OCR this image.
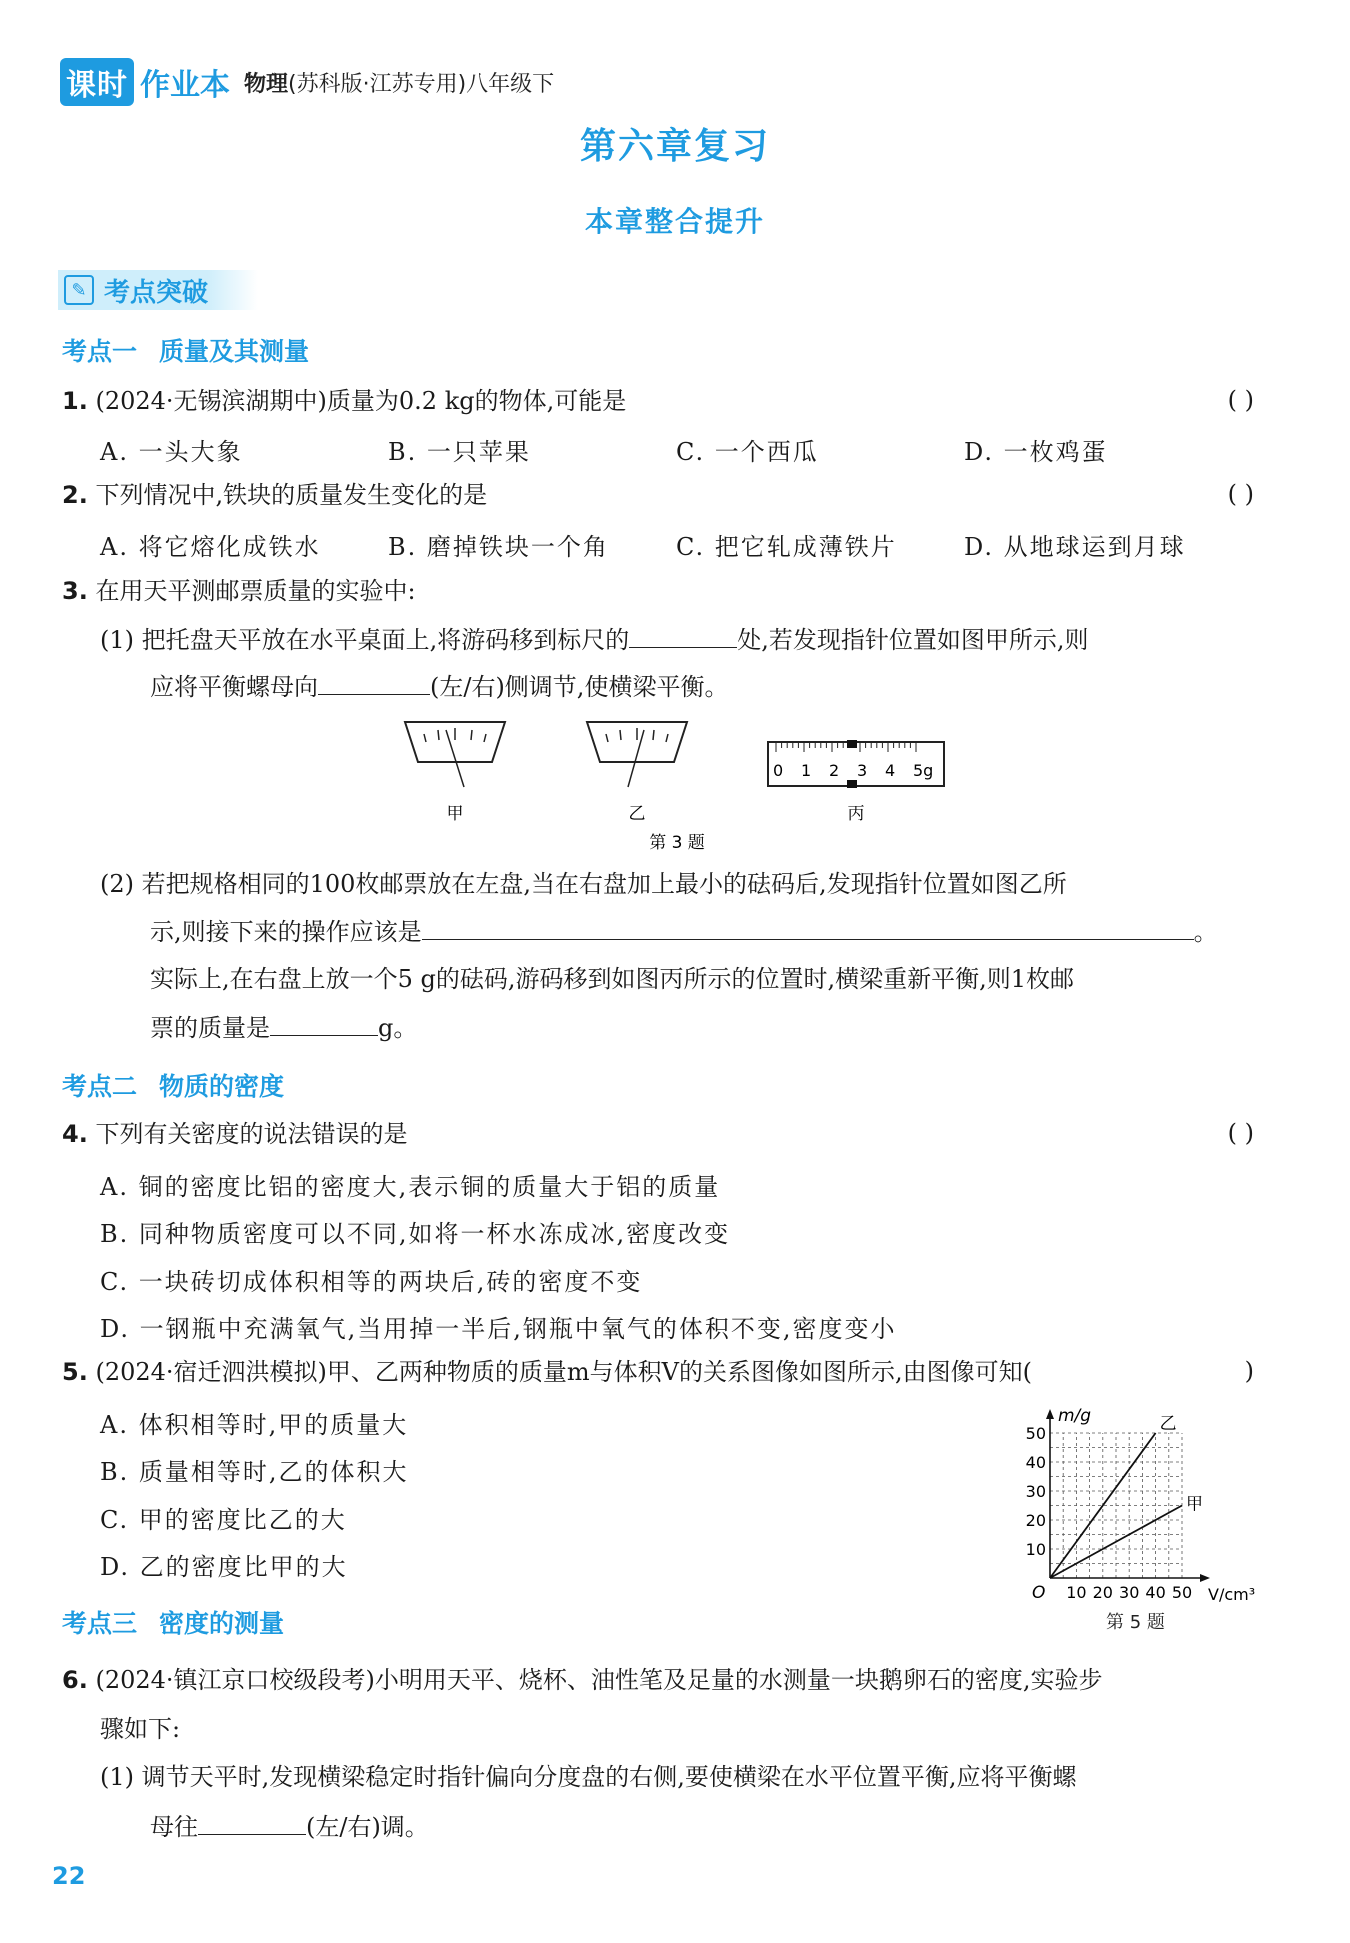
课时 作业本 物理(苏科版·江苏专用)八年级下
第六章复习
本章整合提升
✎ 考点突破
考点一 质量及其测量
1. (2024·无锡滨湖期中)质量为0.2 kg的物体,可能是	( )
A. 一头大象	B. 一只苹果	C. 一个西瓜	D. 一枚鸡蛋
2. 下列情况中,铁块的质量发生变化的是	( )
A. 将它熔化成铁水	B. 磨掉铁块一个角	C. 把它轧成薄铁片	D. 从地球运到月球
3. 在用天平测邮票质量的实验中:
(1) 把托盘天平放在水平桌面上,将游码移到标尺的	处,若发现指针位置如图甲所示,则
应将平衡螺母向	(左/右)侧调节,使横梁平衡。
甲	乙
0 1 2 3 4 5g
丙
第 3 题
(2) 若把规格相同的100枚邮票放在左盘,当在右盘加上最小的砝码后,发现指针位置如图乙所
示,则接下来的操作应该是	。
实际上,在右盘上放一个5 g的砝码,游码移到如图丙所示的位置时,横梁重新平衡,则1枚邮
票的质量是	g。
考点二 物质的密度
4. 下列有关密度的说法错误的是	( )
A. 铜的密度比铝的密度大,表示铜的质量大于铝的质量
B. 同种物质密度可以不同,如将一杯水冻成冰,密度改变
C. 一块砖切成体积相等的两块后,砖的密度不变
D. 一钢瓶中充满氧气,当用掉一半后,钢瓶中氧气的体积不变,密度变小
5. (2024·宿迁泗洪模拟)甲、乙两种物质的质量m与体积V的关系图像如图所示,由图像可知(	)
A. 体积相等时,甲的质量大
B. 质量相等时,乙的体积大
C. 甲的密度比乙的大
D. 乙的密度比甲的大
10 20 30 40 50
10
20
30
40
50	乙
甲
m/g
V/cm³
O
第 5 题
考点三 密度的测量
6. (2024·镇江京口校级段考)小明用天平、烧杯、油性笔及足量的水测量一块鹅卵石的密度,实验步
骤如下:
(1) 调节天平时,发现横梁稳定时指针偏向分度盘的右侧,要使横梁在水平位置平衡,应将平衡螺
母往	(左/右)调。
22
